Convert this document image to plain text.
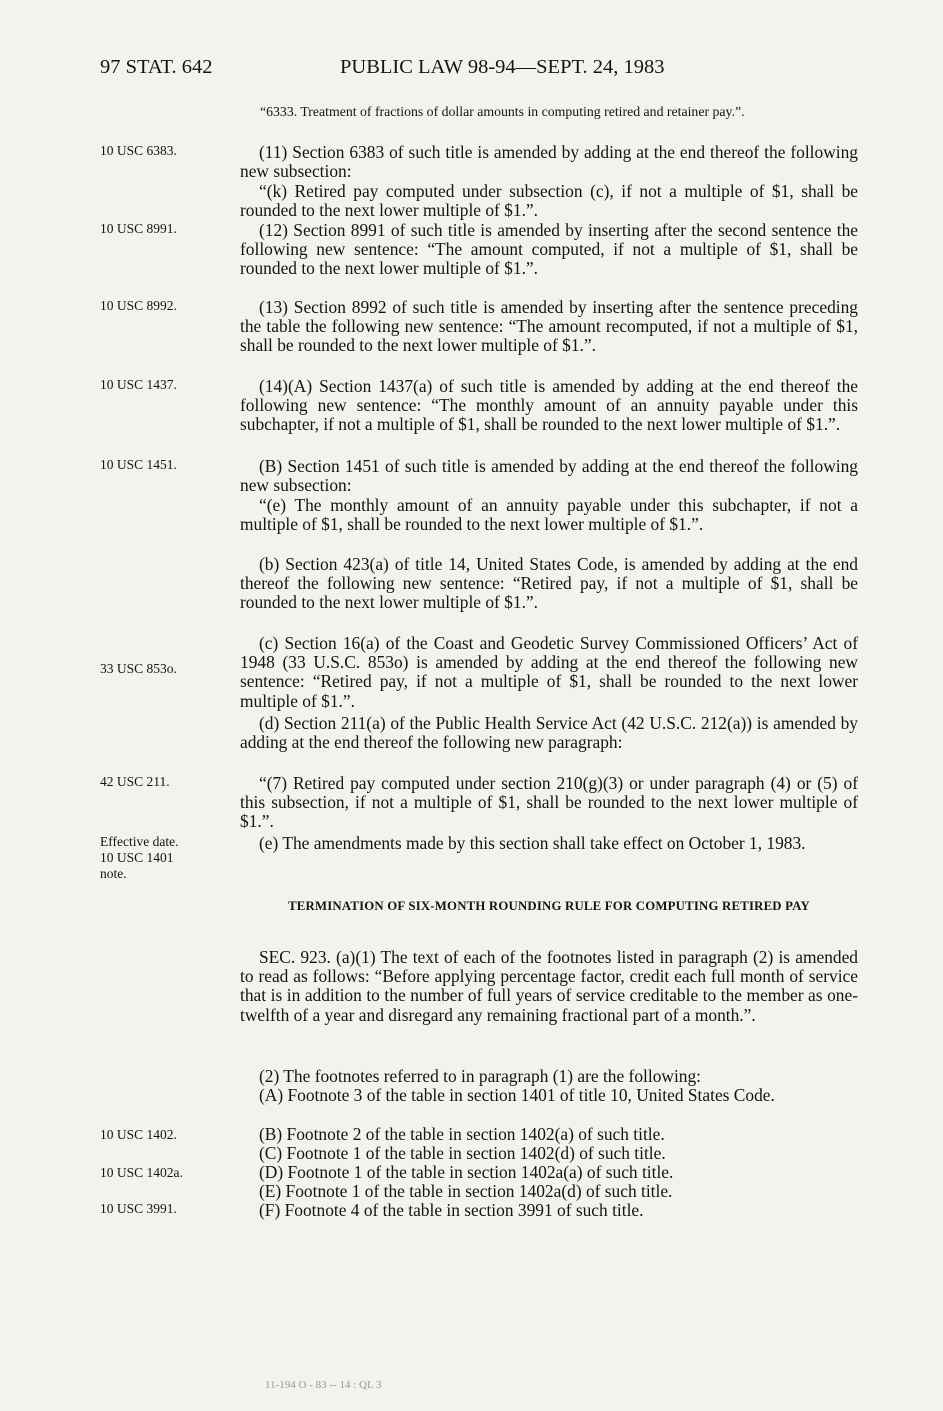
97 STAT. 642	PUBLIC LAW 98-94—SEPT. 24, 1983
10 USC 6383.
10 USC 8991.
10 USC 8992.
10 USC 1437.
10 USC 1451.
33 USC 853o.
42 USC 211.
Effective date.
10 USC 1401
note.
10 USC 1402.
10 USC 1402a.
10 USC 3991.
“6333. Treatment of fractions of dollar amounts in computing retired and retainer pay.”.
(11) Section 6383 of such title is amended by adding at the end thereof the following new subsection:
“(k) Retired pay computed under subsection (c), if not a multiple of $1, shall be rounded to the next lower multiple of $1.”.
(12) Section 8991 of such title is amended by inserting after the second sentence the following new sentence: “The amount computed, if not a multiple of $1, shall be rounded to the next lower multiple of $1.”.
(13) Section 8992 of such title is amended by inserting after the sentence preceding the table the following new sentence: “The amount recomputed, if not a multiple of $1, shall be rounded to the next lower multiple of $1.”.
(14)(A) Section 1437(a) of such title is amended by adding at the end thereof the following new sentence: “The monthly amount of an annuity payable under this subchapter, if not a multiple of $1, shall be rounded to the next lower multiple of $1.”.
(B) Section 1451 of such title is amended by adding at the end thereof the following new subsection:
“(e) The monthly amount of an annuity payable under this subchapter, if not a multiple of $1, shall be rounded to the next lower multiple of $1.”.
(b) Section 423(a) of title 14, United States Code, is amended by adding at the end thereof the following new sentence: “Retired pay, if not a multiple of $1, shall be rounded to the next lower multiple of $1.”.
(c) Section 16(a) of the Coast and Geodetic Survey Commissioned Officers’ Act of 1948 (33 U.S.C. 853o) is amended by adding at the end thereof the following new sentence: “Retired pay, if not a multiple of $1, shall be rounded to the next lower multiple of $1.”.
(d) Section 211(a) of the Public Health Service Act (42 U.S.C. 212(a)) is amended by adding at the end thereof the following new paragraph:
“(7) Retired pay computed under section 210(g)(3) or under paragraph (4) or (5) of this subsection, if not a multiple of $1, shall be rounded to the next lower multiple of $1.”.
(e) The amendments made by this section shall take effect on October 1, 1983.
TERMINATION OF SIX-MONTH ROUNDING RULE FOR COMPUTING RETIRED PAY
SEC. 923. (a)(1) The text of each of the footnotes listed in paragraph (2) is amended to read as follows: “Before applying percentage factor, credit each full month of service that is in addition to the number of full years of service creditable to the member as one-twelfth of a year and disregard any remaining fractional part of a month.”.
(2) The footnotes referred to in paragraph (1) are the following:
(A) Footnote 3 of the table in section 1401 of title 10, United States Code.
(B) Footnote 2 of the table in section 1402(a) of such title.
(C) Footnote 1 of the table in section 1402(d) of such title.
(D) Footnote 1 of the table in section 1402a(a) of such title.
(E) Footnote 1 of the table in section 1402a(d) of such title.
(F) Footnote 4 of the table in section 3991 of such title.
11-194 O - 83 -- 14 : QL 3
